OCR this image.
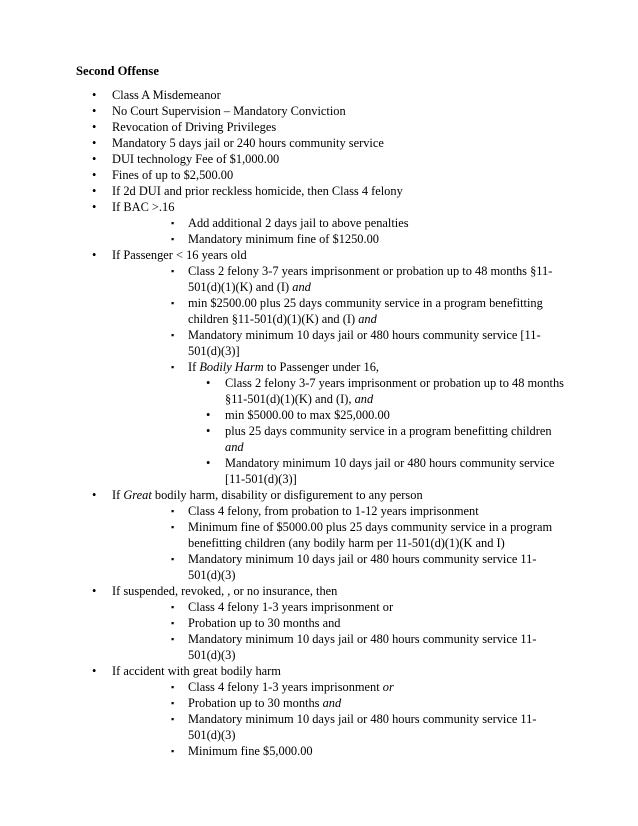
Second Offense
•
Class A Misdemeanor
•
No Court Supervision – Mandatory Conviction
•
Revocation of Driving Privileges
•
Mandatory 5 days jail or 240 hours community service
•
DUI technology Fee of $1,000.00
•
Fines of up to $2,500.00
•
If 2d DUI and prior reckless homicide, then Class 4 felony
•
If BAC >.16
▪
Add additional 2 days jail to above penalties
▪
Mandatory minimum fine of $1250.00
•
If Passenger < 16 years old
▪
Class 2 felony 3-7 years imprisonment or probation up to 48 months §11-501(d)(1)(K) and (I) and
▪
min $2500.00 plus 25 days community service in a program benefitting children §11-501(d)(1)(K) and (I) and
▪
Mandatory minimum 10 days jail or 480 hours community service [11-501(d)(3)]
▪
If Bodily Harm to Passenger under 16,
•
Class 2 felony 3-7 years imprisonment or probation up to 48 months §11-501(d)(1)(K) and (I), and
•
min $5000.00 to max $25,000.00
•
plus 25 days community service in a program benefitting children and
•
Mandatory minimum 10 days jail or 480 hours community service [11-501(d)(3)]
•
If Great bodily harm, disability or disfigurement to any person
▪
Class 4 felony, from probation to 1-12 years imprisonment
▪
Minimum fine of $5000.00 plus 25 days community service in a program benefitting children (any bodily harm per 11-501(d)(1)(K and I)
▪
Mandatory minimum 10 days jail or 480 hours community service 11-501(d)(3)
•
If suspended, revoked, , or no insurance, then
▪
Class 4 felony 1-3 years imprisonment or
▪
Probation up to 30 months and
▪
Mandatory minimum 10 days jail or 480 hours community service 11-501(d)(3)
•
If accident with great bodily harm
▪
Class 4 felony 1-3 years imprisonment or
▪
Probation up to 30 months and
▪
Mandatory minimum 10 days jail or 480 hours community service 11-501(d)(3)
▪
Minimum fine $5,000.00
